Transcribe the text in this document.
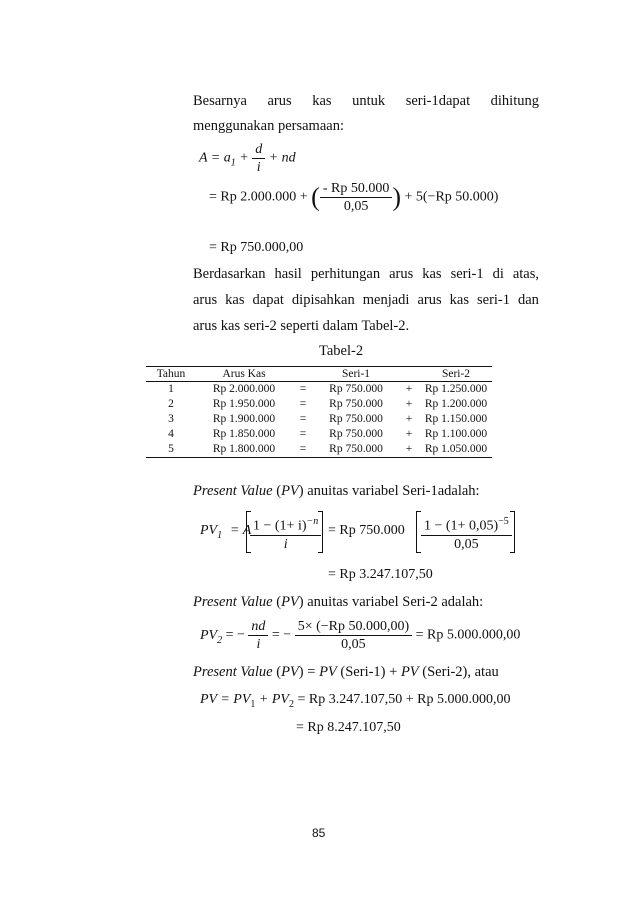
Besarnya arus kas untuk seri-1dapat dihitung
menggunakan persamaan:
$A = a_1 + \frac{d}{i}$ + nd
= Rp 2.000.000 + ( $\frac{- Rp 50.000}{0,05}$ ) + 5(−Rp 50.000)
= Rp 750.000,00
Berdasarkan hasil perhitungan arus kas seri-1 di atas,
arus kas dapat dipisahkan menjadi arus kas seri-1 dan
arus kas seri-2 seperti dalam Tabel-2.
Tabel-2
Tahun	Arus Kas		Seri-1		Seri-2
1	Rp 2.000.000	=	Rp 750.000	+	Rp 1.250.000
2	Rp 1.950.000	=	Rp 750.000	+	Rp 1.200.000
3	Rp 1.900.000	=	Rp 750.000	+	Rp 1.150.000
4	Rp 1.850.000	=	Rp 750.000	+	Rp 1.100.000
5	Rp 1.800.000	=	Rp 750.000	+	Rp 1.050.000
Present Value (PV) anuitas variabel Seri-1adalah:
$PV_1 = A$
$\frac{1 - (1+ i)^{-n}}{i} = Rp$ $750.000 \frac{1 - (1+ 0,05)^{-5}}{0,05}$
= Rp 3.247.107,50
Present Value (PV) anuitas variabel Seri-2 adalah:
$PV_2$ = − $\frac{nd}{i}$ = − $\frac{5\times (-Rp 50.000,00)}{0,05} = Rp$ 5.000.000,00
Present Value (PV) = PV (Seri-1) + PV (Seri-2), atau
PV = $PV_1 + PV_2 = Rp$ 3.247.107,50 + Rp 5.000.000,00
= Rp 8.247.107,50
85
